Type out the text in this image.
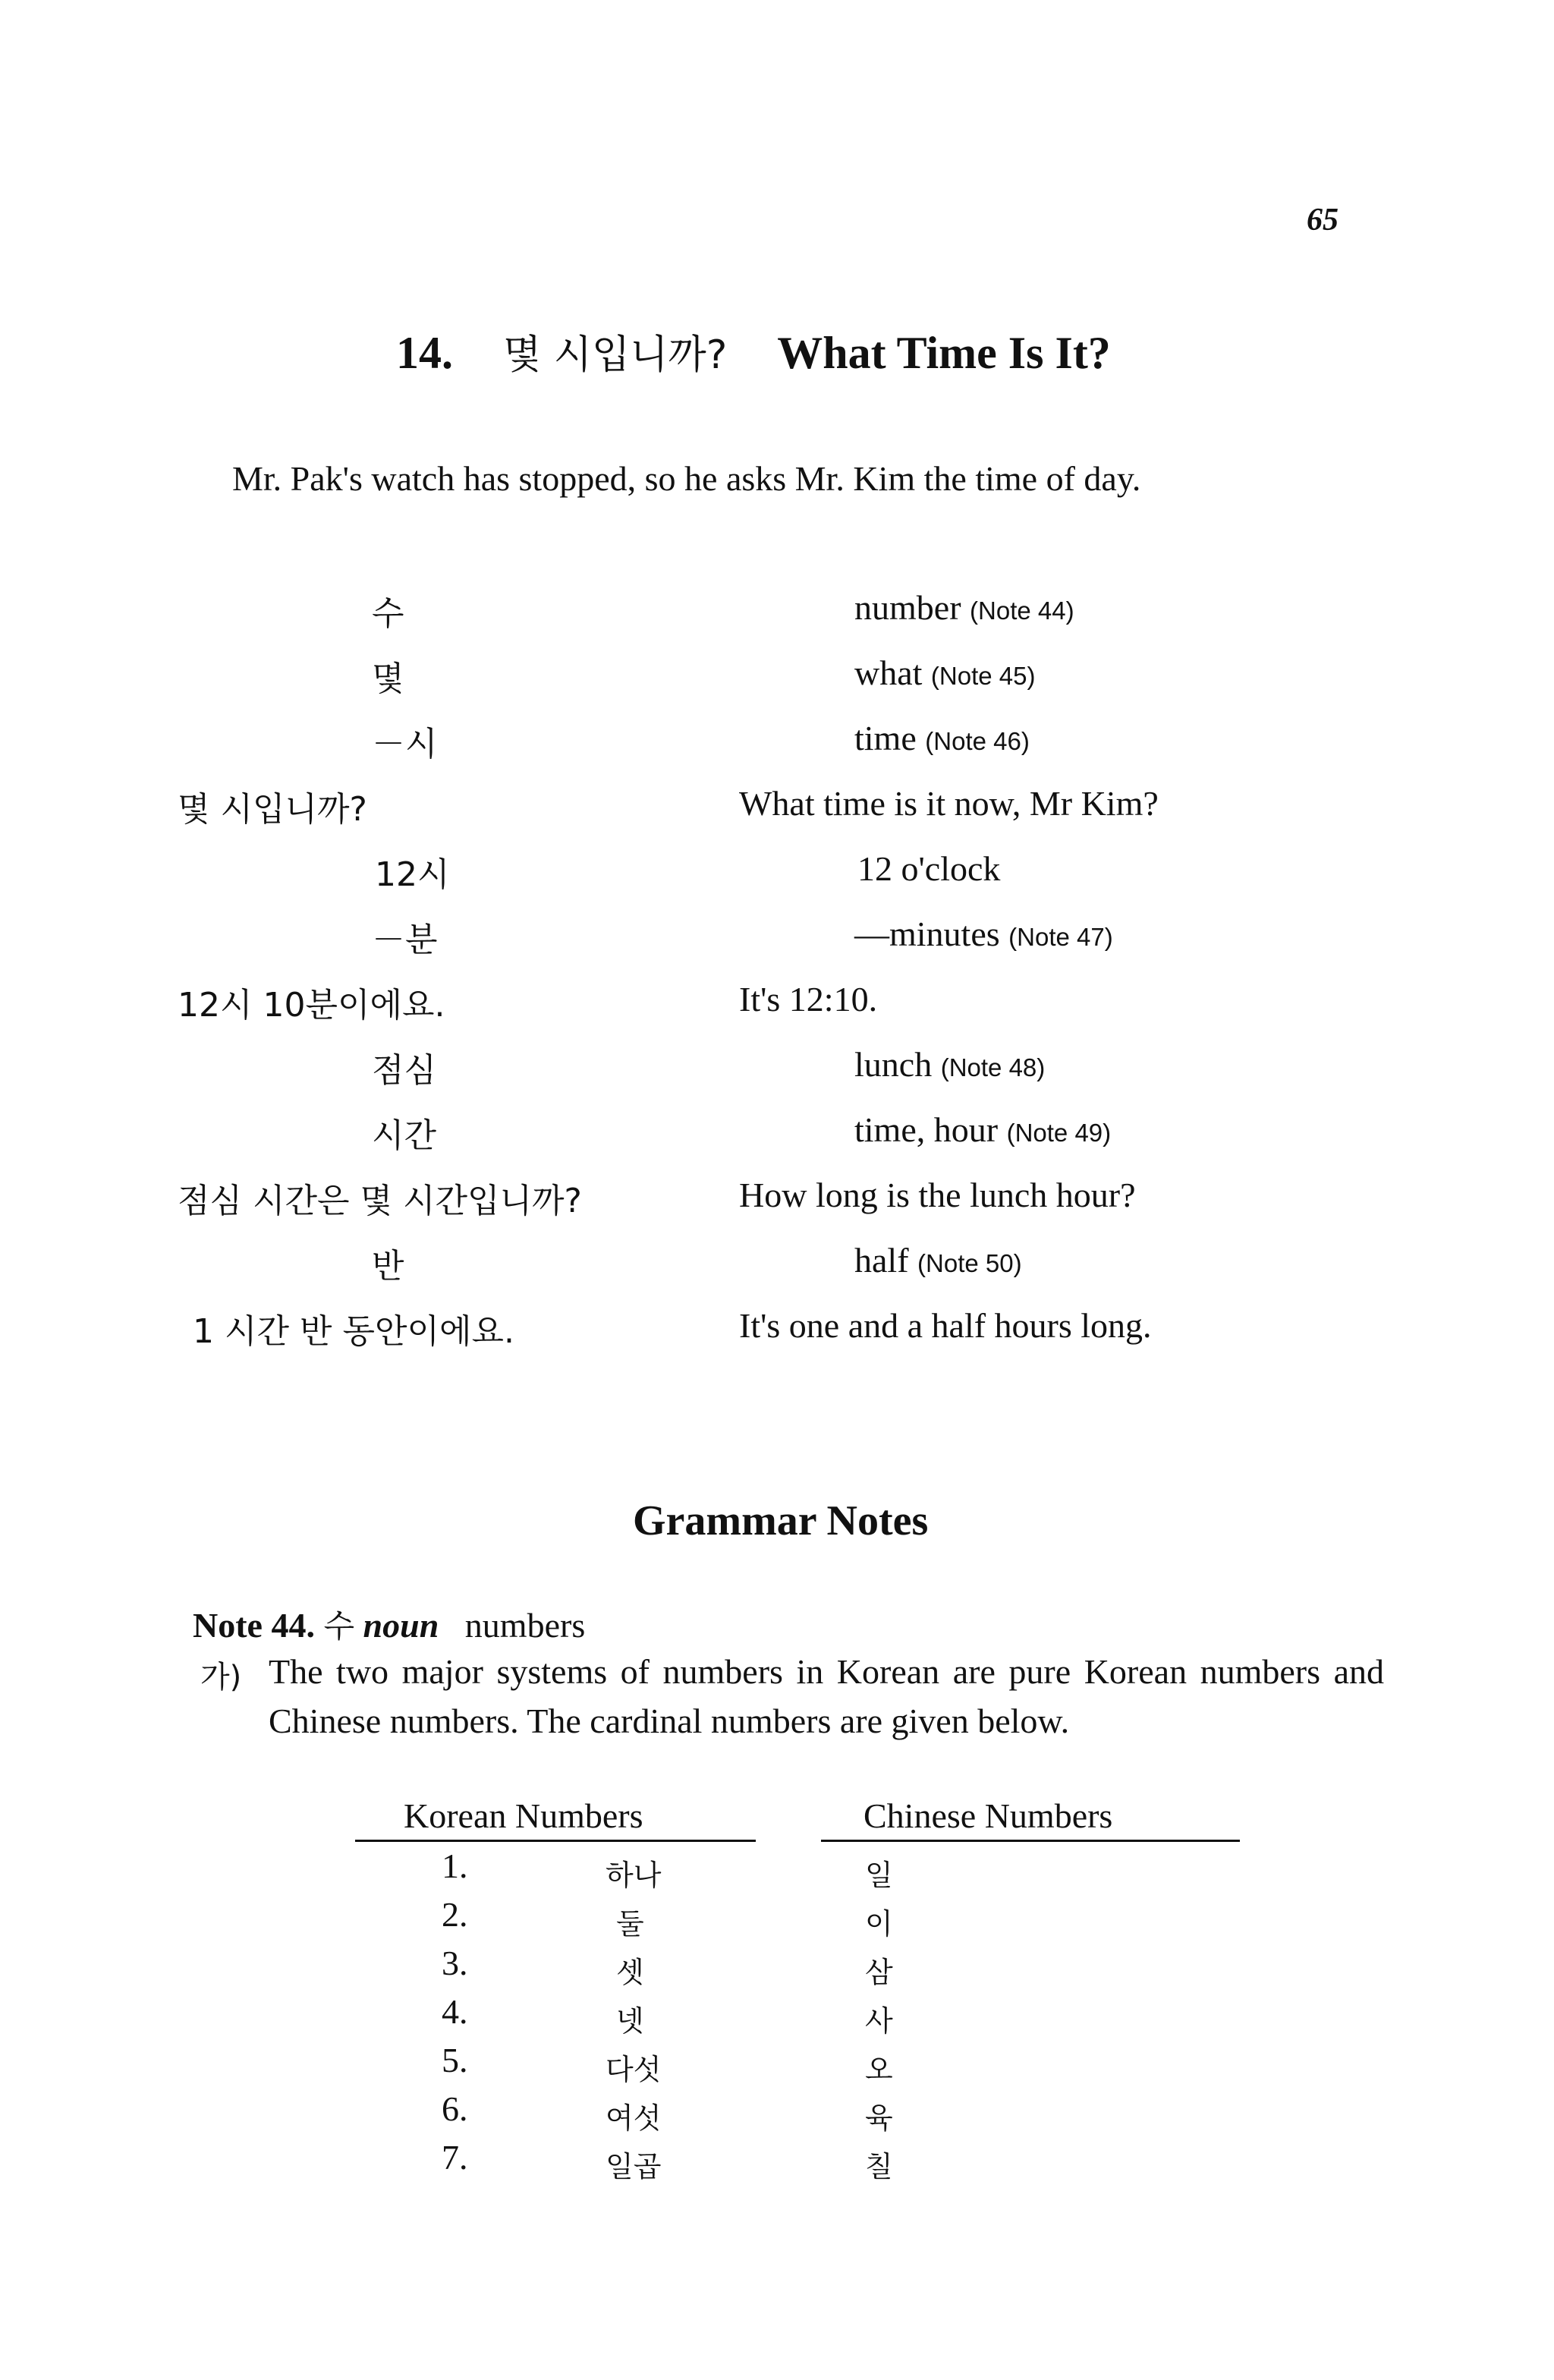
65
14. 몇 시입니까? What Time Is It?
Mr. Pak's watch has stopped, so he asks Mr. Kim the time of day.
수	number (Note 44)
몇	what (Note 45)
－시	time (Note 46)
몇 시입니까?	What time is it now, Mr Kim?
12시	12 o'clock
－분	—minutes (Note 47)
12시 10분이에요.	It's 12:10.
점심	lunch (Note 48)
시간	time, hour (Note 49)
점심 시간은 몇 시간입니까?	How long is the lunch hour?
반	half (Note 50)
1 시간 반 동안이에요.	It's one and a half hours long.
Grammar Notes
Note 44. 수 noun numbers
가) The two major systems of numbers in Korean are pure Korean numbers and Chinese numbers. The cardinal numbers are given below.
Korean Numbers	Chinese Numbers
1.	하나	일
2.	둘	이
3.	셋	삼
4.	넷	사
5.	다섯	오
6.	여섯	육
7.	일곱	칠
